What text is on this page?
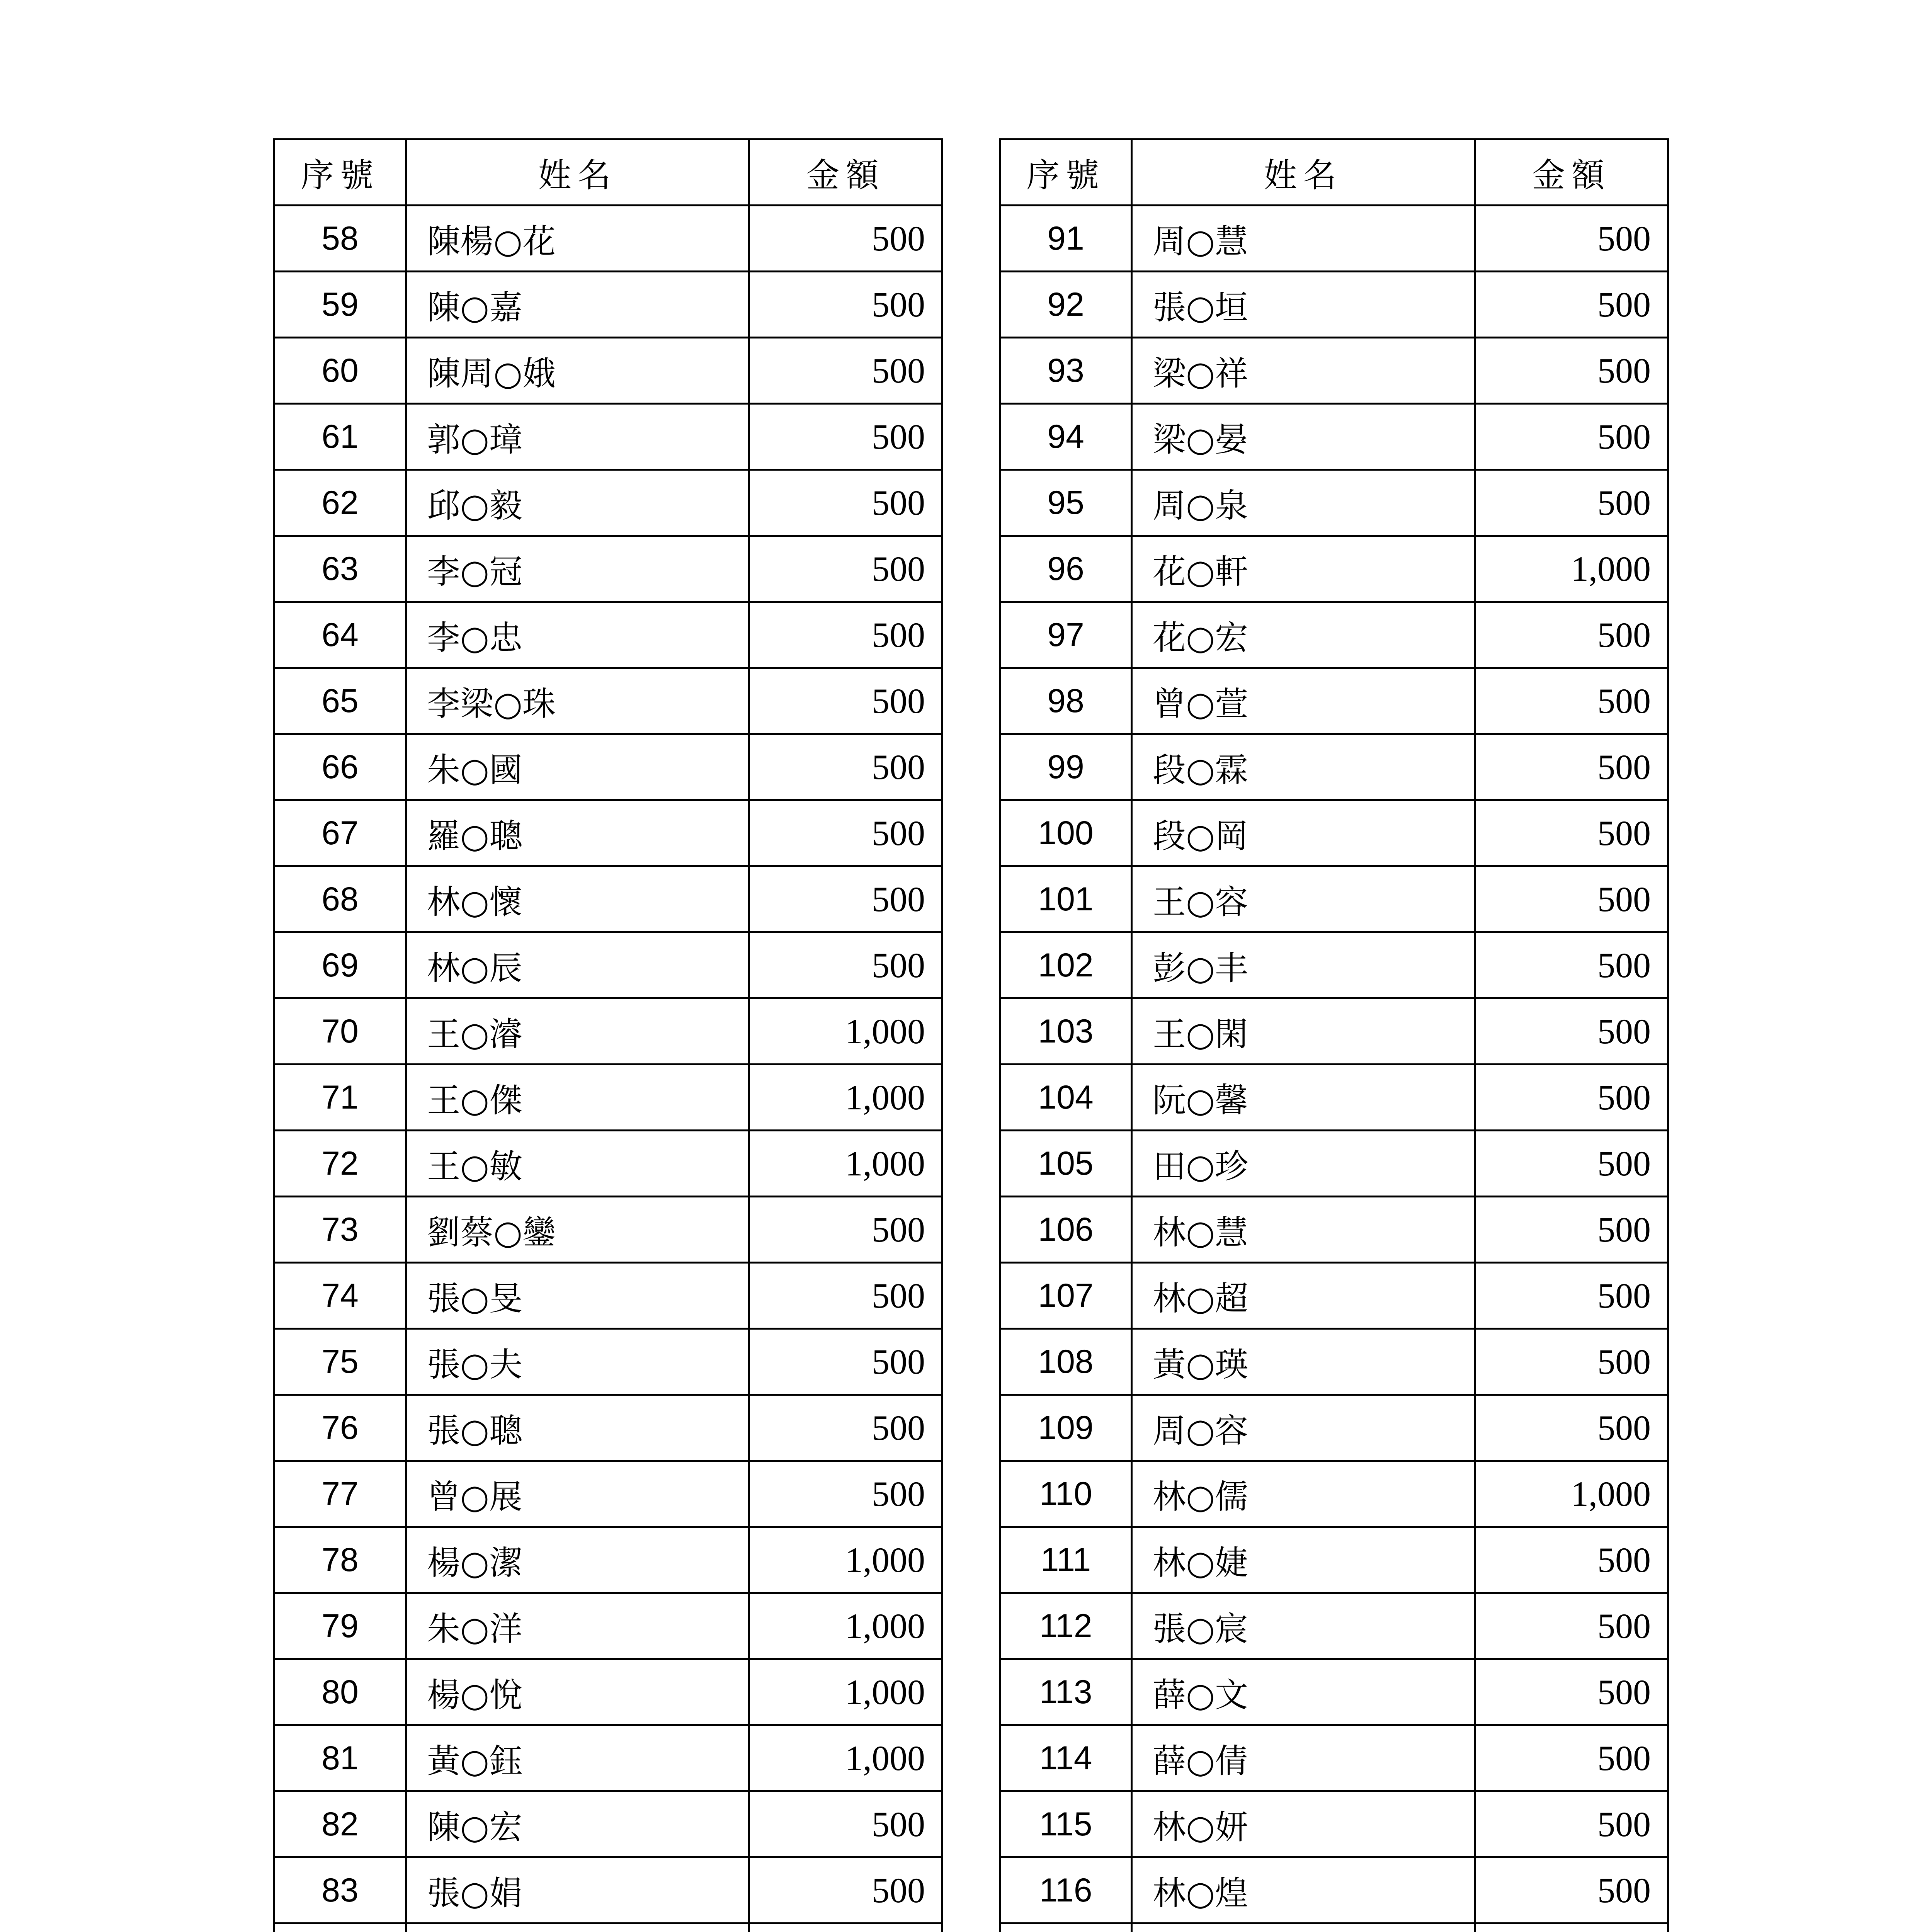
序號	姓名	金額
58	陳楊○花	500
59	陳○嘉	500
60	陳周○娥	500
61	郭○璋	500
62	邱○毅	500
63	李○冠	500
64	李○忠	500
65	李梁○珠	500
66	朱○國	500
67	羅○聰	500
68	林○懷	500
69	林○辰	500
70	王○濬	1,000
71	王○傑	1,000
72	王○敏	1,000
73	劉蔡○鑾	500
74	張○旻	500
75	張○夫	500
76	張○聰	500
77	曾○展	500
78	楊○潔	1,000
79	朱○洋	1,000
80	楊○悅	1,000
81	黃○鈺	1,000
82	陳○宏	500
83	張○娟	500

序號	姓名	金額
91	周○慧	500
92	張○垣	500
93	梁○祥	500
94	梁○晏	500
95	周○泉	500
96	花○軒	1,000
97	花○宏	500
98	曾○萱	500
99	段○霖	500
100	段○岡	500
101	王○容	500
102	彭○丰	500
103	王○閑	500
104	阮○馨	500
105	田○珍	500
106	林○慧	500
107	林○超	500
108	黃○瑛	500
109	周○容	500
110	林○儒	1,000
111	林○婕	500
112	張○宸	500
113	薛○文	500
114	薛○倩	500
115	林○妍	500
116	林○煌	500
